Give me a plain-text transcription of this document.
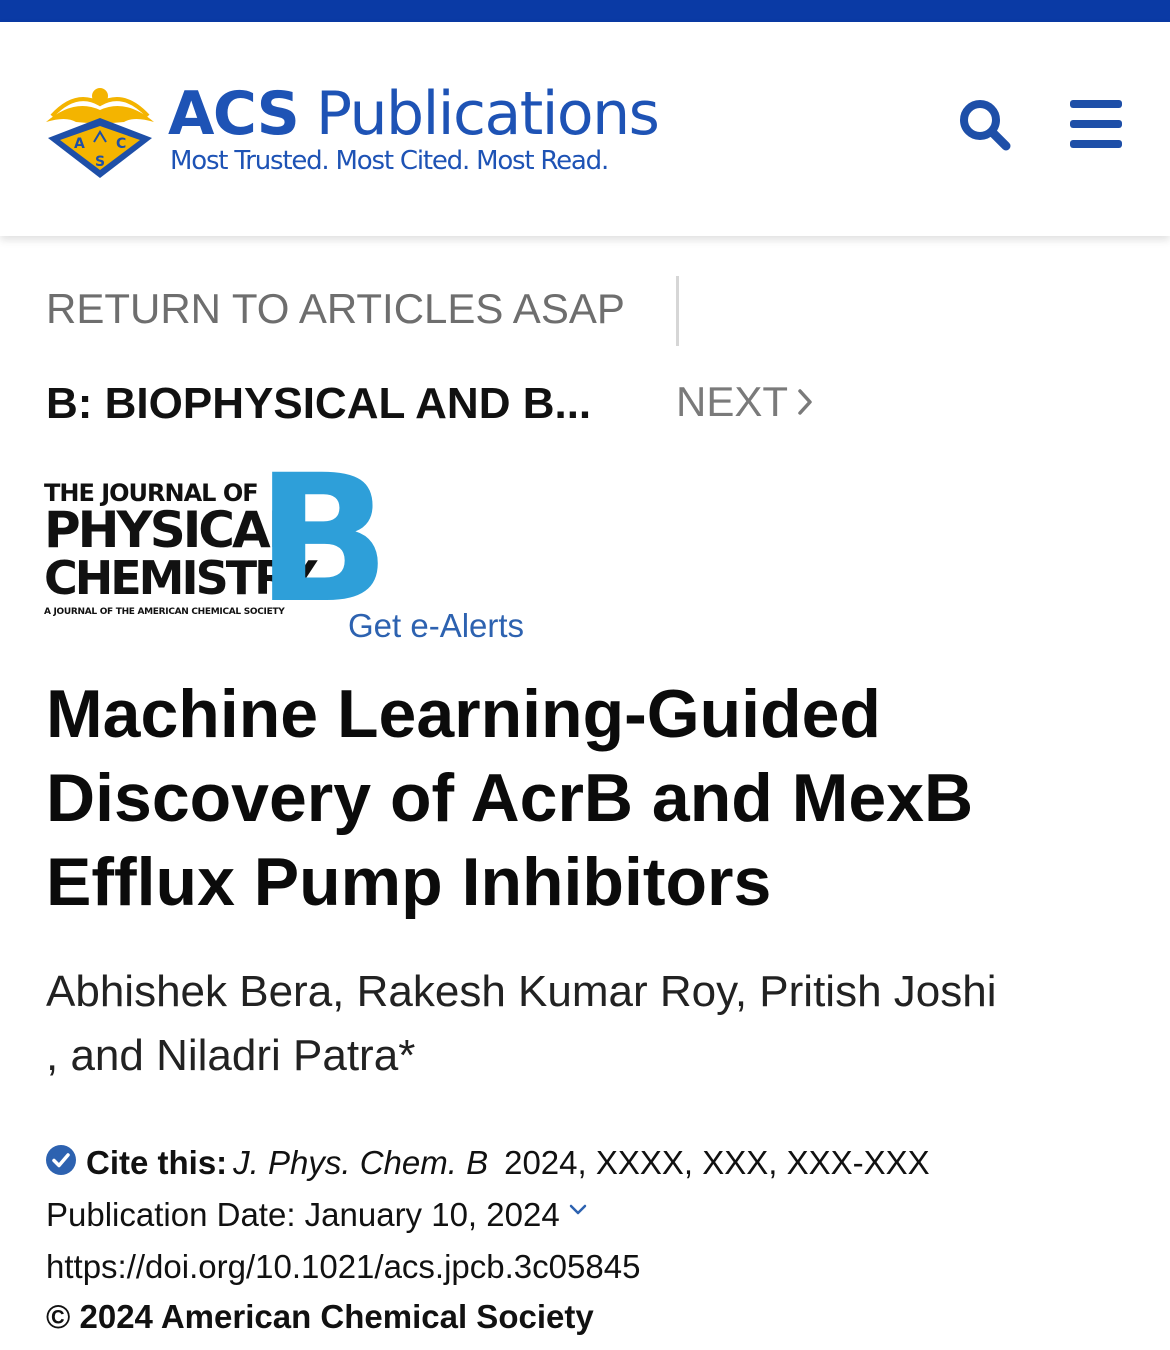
A C
S
ACS Publications
Most Trusted. Most Cited. Most Read.
RETURN TO ARTICLES ASAP
B: BIOPHYSICAL AND B... NEXT
THE JOURNAL OF
PHYSICAL
CHEMISTRY
A JOURNAL OF THE AMERICAN CHEMICAL SOCIETY
B
Get e-Alerts
Machine Learning-Guided Discovery of AcrB and MexB Efflux Pump Inhibitors
Abhishek Bera, Rakesh Kumar Roy, Pritish Joshi
, and Niladri Patra*
Cite this: J. Phys. Chem. B 2024, XXXX, XXX, XXX-XXX
Publication Date: January 10, 2024
https://doi.org/10.1021/acs.jpcb.3c05845
© 2024 American Chemical Society
